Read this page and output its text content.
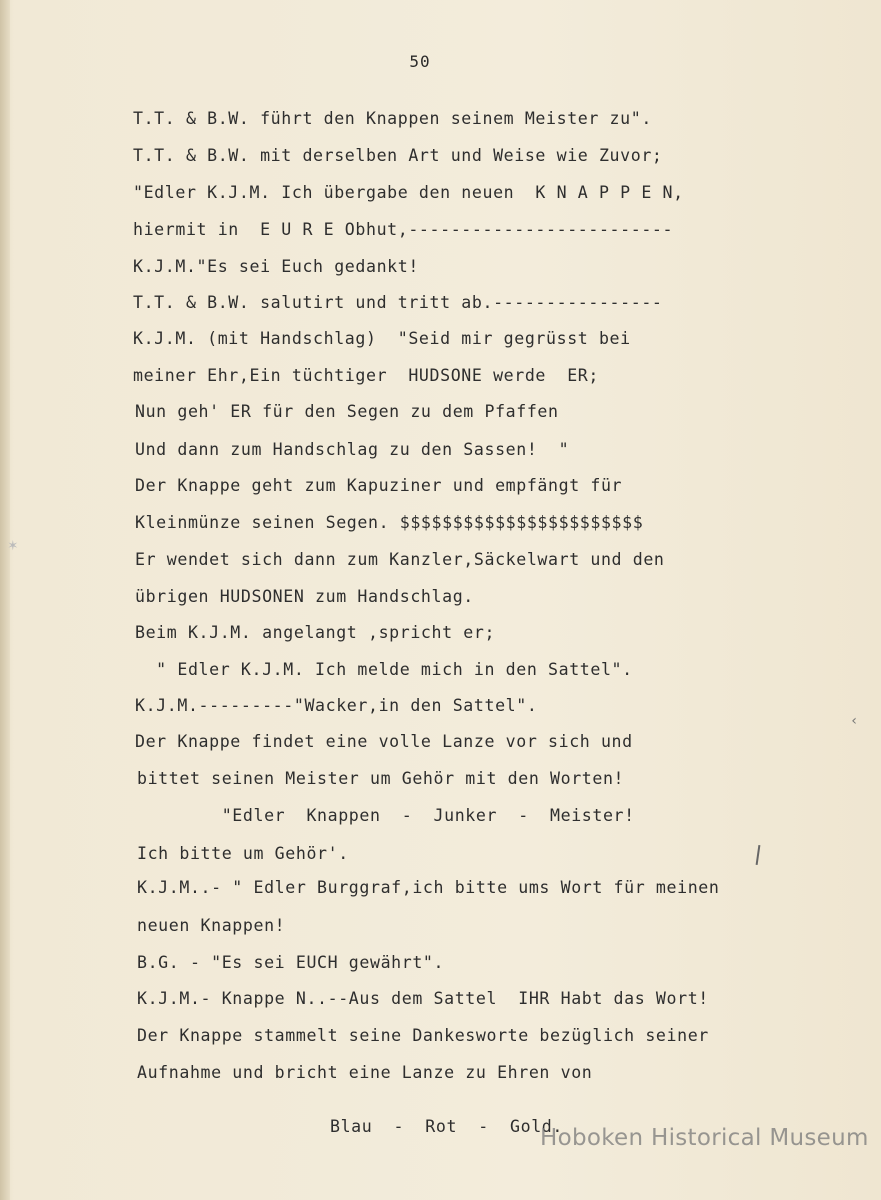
50
T.T. & B.W. führt den Knappen seinem Meister zu".
T.T. & B.W. mit derselben Art und Weise wie Zuvor;
"Edler K.J.M. Ich übergabe den neuen  K N A P P E N,
hiermit in  E U R E Obhut,-------------------------
K.J.M."Es sei Euch gedankt!
T.T. & B.W. salutirt und tritt ab.----------------
K.J.M. (mit Handschlag)  "Seid mir gegrüsst bei
meiner Ehr,Ein tüchtiger  HUDSONE werde  ER;
Nun geh' ER für den Segen zu dem Pfaffen
Und dann zum Handschlag zu den Sassen!  "
Der Knappe geht zum Kapuziner und empfängt für
Kleinmünze seinen Segen. $$$$$$$$$$$$$$$$$$$$$$$
Er wendet sich dann zum Kanzler,Säckelwart und den
übrigen HUDSONEN zum Handschlag.
Beim K.J.M. angelangt ,spricht er;
" Edler K.J.M. Ich melde mich in den Sattel".
K.J.M.---------"Wacker,in den Sattel".
Der Knappe findet eine volle Lanze vor sich und
bittet seinen Meister um Gehör mit den Worten!
"Edler  Knappen  -  Junker  -  Meister!
Ich bitte um Gehör'.
K.J.M..- " Edler Burggraf,ich bitte ums Wort für meinen
neuen Knappen!
B.G. - "Es sei EUCH gewährt".
K.J.M.- Knappe N..--Aus dem Sattel  IHR Habt das Wort!
Der Knappe stammelt seine Dankesworte bezüglich seiner
Aufnahme und bricht eine Lanze zu Ehren von
Blau  -  Rot  -  Gold.
✶
‹
Hoboken Historical Museum
